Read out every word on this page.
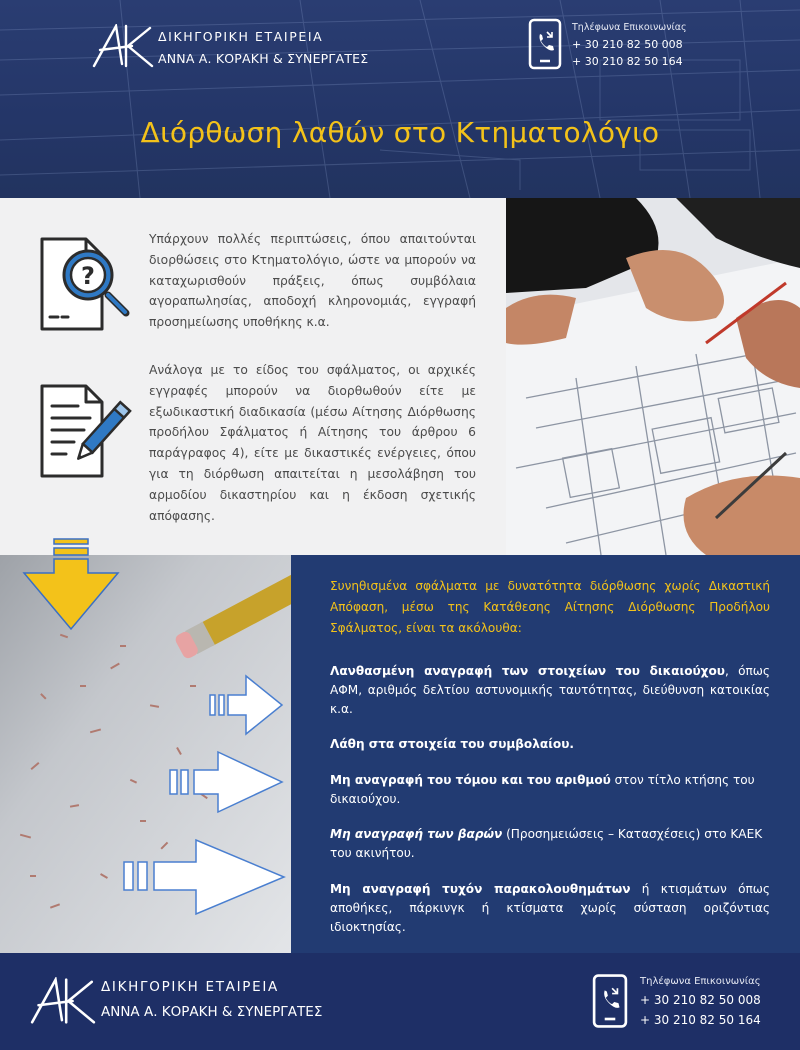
ΔΙΚΗΓΟΡΙΚΗ ΕΤΑΙΡΕΙΑ
ΑΝΝΑ Α. ΚΟΡΑΚΗ & ΣΥΝΕΡΓΑΤΕΣ
Τηλέφωνα Επικοινωνίας
+ 30 210 82 50 008
+ 30 210 82 50 164
Διόρθωση λαθών στο Κτηματολόγιο
?
Υπάρχουν πολλές περιπτώσεις, όπου απαιτούνται διορθώσεις στο Κτηματολόγιο, ώστε να μπορούν να καταχωρισθούν πράξεις, όπως συμβόλαια αγοραπωλησίας, αποδοχή κληρονομιάς, εγγραφή προσημείωσης υποθήκης κ.α.
Ανάλογα με το είδος του σφάλματος, οι αρχικές εγγραφές μπορούν να διορθωθούν είτε με εξωδικαστική διαδικασία (μέσω Αίτησης Διόρθωσης προδήλου Σφάλματος ή Αίτησης του άρθρου 6 παράγραφος 4), είτε με δικαστικές ενέργειες, όπου για τη διόρθωση απαιτείται η μεσολάβηση του αρμοδίου δικαστηρίου και η έκδοση σχετικής απόφασης.
Συνηθισμένα σφάλματα με δυνατότητα διόρθωσης χωρίς Δικαστική Απόφαση, μέσω της Κατάθεσης Αίτησης Διόρθωσης Προδήλου Σφάλματος, είναι τα ακόλουθα:
Λανθασμένη αναγραφή των στοιχείων του δικαιούχου, όπως ΑΦΜ, αριθμός δελτίου αστυνομικής ταυτότητας, διεύθυνση κατοικίας κ.α.
Λάθη στα στοιχεία του συμβολαίου.
Μη αναγραφή του τόμου και του αριθμού στον τίτλο κτήσης του δικαιούχου.
Μη αναγραφή των βαρών (Προσημειώσεις – Κατασχέσεις) στο ΚΑΕΚ του ακινήτου.
Μη αναγραφή τυχόν παρακολουθημάτων ή κτισμάτων όπως αποθήκες, πάρκινγκ ή κτίσματα χωρίς σύσταση οριζόντιας ιδιοκτησίας.
ΔΙΚΗΓΟΡΙΚΗ ΕΤΑΙΡΕΙΑ
ΑΝΝΑ Α. ΚΟΡΑΚΗ & ΣΥΝΕΡΓΑΤΕΣ
Τηλέφωνα Επικοινωνίας
+ 30 210 82 50 008
+ 30 210 82 50 164
